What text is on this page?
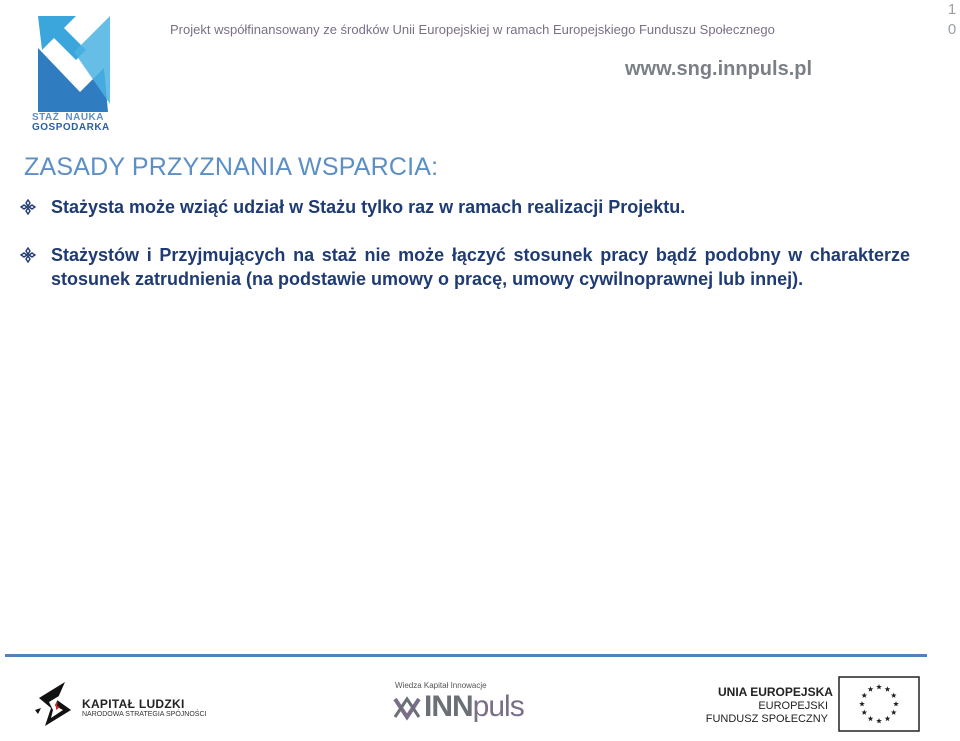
STAŻ NAUKA
GOSPODARKA
Projekt współfinansowany ze środków Unii Europejskiej w ramach Europejskiego Funduszu Społecznego
www.sng.innpuls.pl
1
0
ZASADY PRZYZNANIA WSPARCIA:
Stażysta może wziąć udział w Stażu tylko raz w ramach realizacji Projektu.
Stażystów i Przyjmujących na staż nie może łączyć stosunek pracy bądź podobny w charakterze stosunek zatrudnienia (na podstawie umowy o pracę, umowy cywilnoprawnej lub innej).
KAPITAŁ LUDZKI
NARODOWA STRATEGIA SPÓJNOŚCI
Wiedza Kapitał Innowacje
INNpuls	UNIA EUROPEJSKA
EUROPEJSKI
FUNDUSZ SPOŁECZNY
